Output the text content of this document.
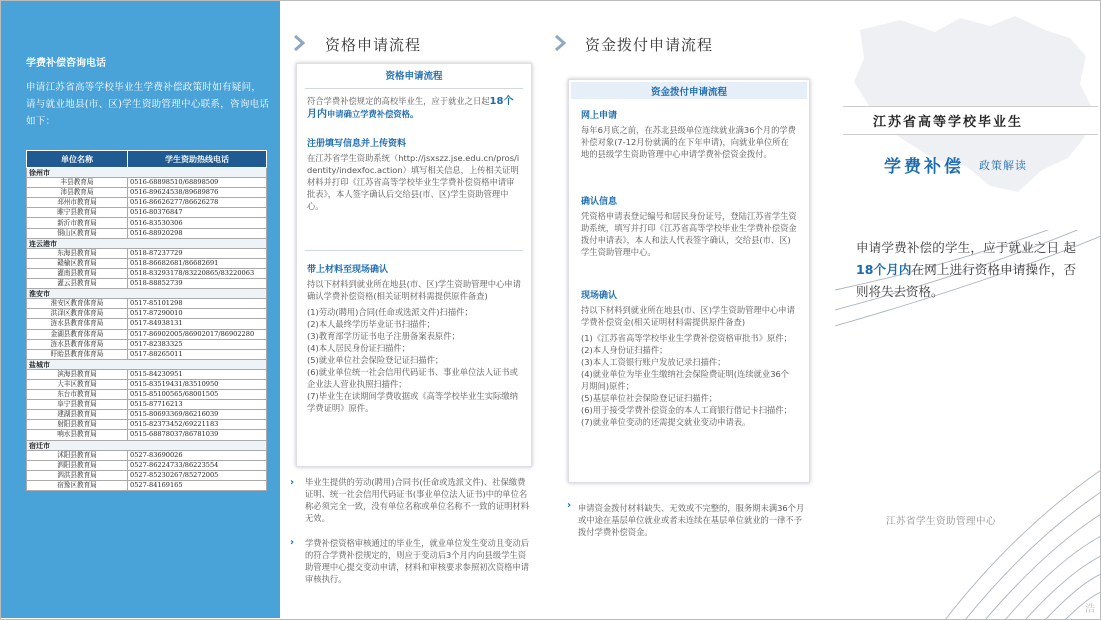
学费补偿咨询电话
申请江苏省高等学校毕业生学费补偿政策时如有疑问，请与就业地县(市、区)学生资助管理中心联系，咨询电话如下：
单位名称	学生资助热线电话
徐州市	
丰县教育局	0516-68898510/68898509
沛县教育局	0516-89624538/89689876
邳州市教育局	0516-86626277/86626278
睢宁县教育局	0516-80376847
新沂市教育局	0516-83530306
铜山区教育局	0516-88920298
连云港市	
东海县教育局	0518-87237729
赣榆区教育局	0518-86682681/86682691
灌南县教育局	0518-83293178/83220865/83220063
灌云县教育局	0518-88852739
淮安市	
淮安区教育体育局	0517-85101298
洪泽区教育体育局	0517-87290010
涟水县教育体育局	0517-84938131
金湖县教育体育局	0517-86902005/86902017/86902280
涟水县教育体育局	0517-82383325
盱眙县教育体育局	0517-88265011
盐城市	
滨海县教育局	0515-84230951
大丰区教育局	0515-83519431/83510950
东台市教育局	0515-85100565/68001505
阜宁县教育局	0515-87716213
建湖县教育局	0515-80693369/86216039
射阳县教育局	0515-82373452/69221183
响水县教育局	0515-68878037/86781039
宿迁市	
沭阳县教育局	0527-83690026
泗阳县教育局	0527-86224733/86223554
泗洪县教育局	0527-85230267/85272005
宿豫区教育局	0527-84169165
资格申请流程
资格申请流程
符合学费补偿规定的高校毕业生，应于就业之日起18个月内申请确立学费补偿资格。
注册填写信息并上传资料
在江苏省学生资助系统（http://jsxszz.jse.edu.cn/pros/identity/indexfoc.action）填写相关信息，上传相关证明材料并打印《江苏省高等学校毕业生学费补偿资格申请审批表》，本人签字确认后交给县(市、区)学生资助管理中心。
带上材料至现场确认
持以下材料到就业所在地县(市、区)学生资助管理中心申请确认学费补偿资格(相关证明材料需提供原件备查)
(1)劳动(聘用)合同(任命或选派文件)扫描件；
(2)本人最终学历毕业证书扫描件；
(3)教育部学历证书电子注册备案表原件；
(4)本人居民身份证扫描件；
(5)就业单位社会保险登记证扫描件；
(6)就业单位统一社会信用代码证书、事业单位法人证书或企业法人营业执照扫描件；
(7)毕业生在读期间学费收据或《高等学校毕业生实际缴纳学费证明》原件。
› 毕业生提供的劳动(聘用)合同书(任命或选派文件)、社保缴费证明、统一社会信用代码证书(事业单位法人证书)中的单位名称必须完全一致，没有单位名称或单位名称不一致的证明材料无效。
› 学费补偿资格审核通过的毕业生，就业单位发生变动且变动后的符合学费补偿规定的，则应于变动后3个月内向县级学生资助管理中心提交变动申请，材料和审核要求参照初次资格申请审核执行。
资金拨付申请流程
资金拨付申请流程
网上申请
每年6月底之前，在苏北县级单位连续就业满36个月的学费补偿对象(7-12月份就满的在下年申请)，向就业单位所在地的县级学生资助管理中心申请学费补偿资金拨付。
确认信息
凭资格申请表登记编号和居民身份证号，登陆江苏省学生资助系统，填写并打印《江苏省高等学校毕业生学费补偿资金拨付申请表》，本人和法人代表签字确认，交给县(市、区)学生资助管理中心。
现场确认
持以下材料到就业所在地县(市、区)学生资助管理中心申请学费补偿资金(相关证明材料需提供原件备查)
(1)《江苏省高等学校毕业生学费补偿资格审批书》原件；
(2)本人身份证扫描件；
(3)本人工资银行账户发放记录扫描件；
(4)就业单位为毕业生缴纳社会保险费证明(连续就业36个月期间)原件；
(5)基层单位社会保险登记证扫描件；
(6)用于接受学费补偿资金的本人工商银行借记卡扫描件；
(7)就业单位变动的还需提交就业变动申请表。
› 申请资金拨付材料缺失、无效或不完整的，服务期未满36个月或中途在基层单位就业或者未连续在基层单位就业的一律不予拨付学费补偿资金。
江苏省高等学校毕业生
学费补偿 政策解读
申请学费补偿的学生，应于就业之日 起18个月内在网上进行资格申请操作，否则将失去资格。
江苏省学生资助管理中心
浩
